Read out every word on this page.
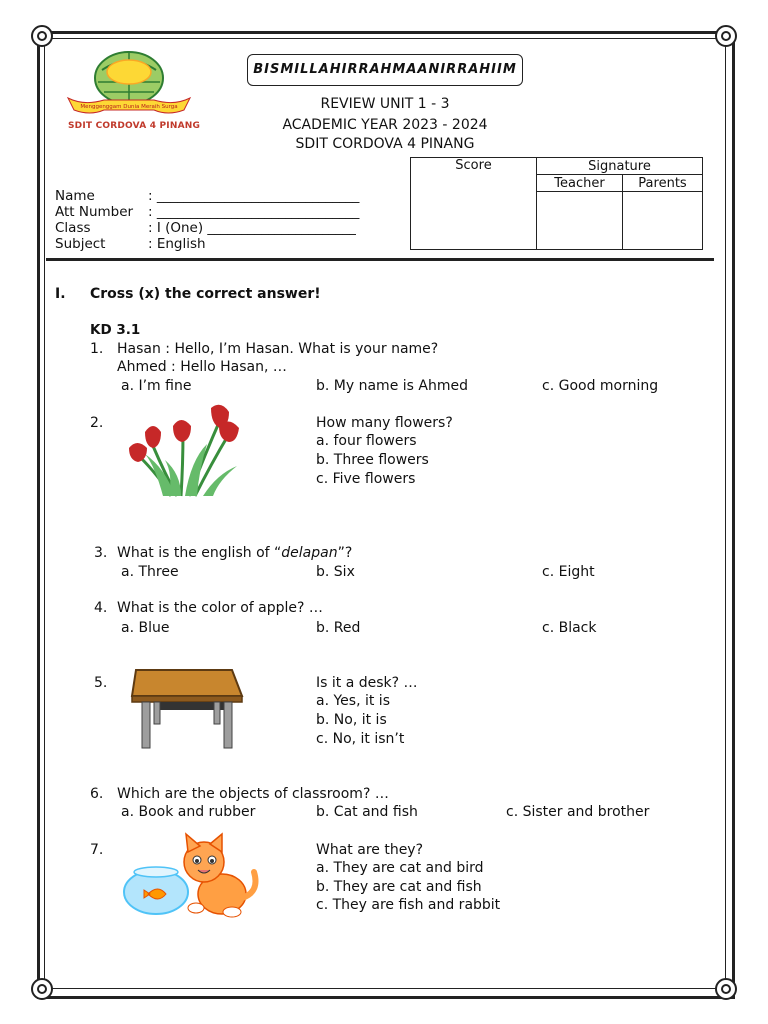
Menggenggam Dunia Meraih Surga
SDIT CORDOVA 4 PINANG
BISMILLAHIRRAHMAANIRRAHIIM
REVIEW UNIT 1 - 3
ACADEMIC YEAR 2023 - 2024
SDIT CORDOVA 4 PINANG
Score	Signature	
	Teacher	Parents

Name	: ______________________________
Att Number : ______________________________
Class	: I (One) ______________________
Subject	: English
I. Cross (x) the correct answer!
KD 3.1
1. Hasan : Hello, I’m Hasan. What is your name?
Ahmed : Hello Hasan, …
a. I’m fine	b. My name is Ahmed	c. Good morning
2.	How many flowers?
a. four flowers
b. Three flowers
c. Five flowers
3. What is the english of “delapan”?
a. Three	b. Six	c. Eight
4. What is the color of apple? …
a. Blue	b. Red	c. Black
5.	Is it a desk? …
a. Yes, it is
b. No, it is
c. No, it isn’t
6. Which are the objects of classroom? …
a. Book and rubber	b. Cat and fish	c. Sister and brother
7.	What are they?
a. They are cat and bird
b. They are cat and fish
c. They are fish and rabbit
